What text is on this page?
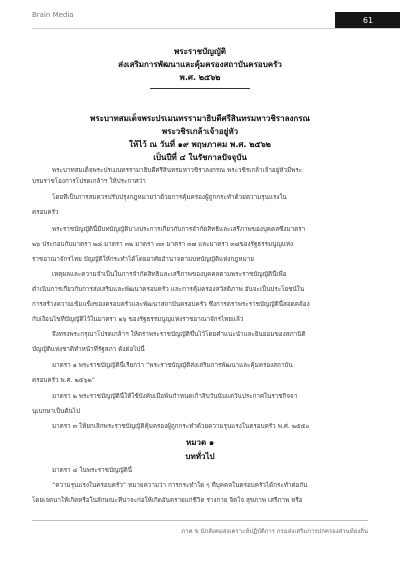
Brain Media
61
พระราชบัญญัติ
ส่งเสริมการพัฒนาและคุ้มครองสถาบันครอบครัว
พ.ศ. ๒๕๖๒
พระบาทสมเด็จพระปรเมนทรรามาธิบดีศรีสินทรมหาวชิราลงกรณ
พระวชิรเกล้าเจ้าอยู่หัว
ให้ไว้ ณ วันที่ ๑๙ พฤษภาคม พ.ศ. ๒๕๖๒
เป็นปีที่ ๔ ในรัชกาลปัจจุบัน
พระบาทสมเด็จพระปรเมนทรรามาธิบดีศรีสินทรมหาวชิราลงกรณ พระวชิรเกล้าเจ้าอยู่หัวมีพระ
บรมราชโองการโปรดเกล้าฯ ให้ประกาศว่า
โดยที่เป็นการสมควรปรับปรุงกฎหมายว่าด้วยการคุ้มครองผู้ถูกกระทำด้วยความรุนแรงใน
ครอบครัว
พระราชบัญญัตินี้มีบทบัญญัติบางประการเกี่ยวกับการจำกัดสิทธิและเสรีภาพของบุคคลซึ่งมาตรา
๒๖ ประกอบกับมาตรา ๒๘ มาตรา ๓๒ มาตรา ๓๓ มาตรา ๓๗ และมาตรา ๓๘ของรัฐธรรมนูญแห่ง
ราชอาณาจักรไทย บัญญัติให้กระทำได้โดยอาศัยอำนาจตามบทบัญญัติแห่งกฎหมาย
เหตุผลและความจำเป็นในการจำกัดสิทธิและเสรีภาพของบุคคลตามพระราชบัญญัตินี้เพื่อ
ดำเนินการเกี่ยวกับการส่งเสริมและพัฒนาครอบครัว และการคุ้มครองสวัสดิภาพ อันจะเป็นประโยชน์ใน
การสร้างความเข้มแข็งของครอบครัวและพัฒนาสถาบันครอบครัว ซึ่งการตราพระราชบัญญัตินี้สอดคล้อง
กับเงื่อนไขที่บัญญัติไว้ในมาตรา ๒๖ ของรัฐธรรมนูญแห่งราชอาณาจักรไทยแล้ว
จึงทรงพระกรุณาโปรดเกล้าฯ ให้ตราพระราชบัญญัติขึ้นไว้โดยคำแนะนำและยินยอมของสภานิติ
บัญญัติแห่งชาติทำหน้าที่รัฐสภา ดังต่อไปนี้
มาตรา ๑ พระราชบัญญัตินี้เรียกว่า “พระราชบัญญัติส่งเสริมการพัฒนาและคุ้มครองสถาบัน
ครอบครัว พ.ศ. ๒๕๖๒”
มาตรา ๒ พระราชบัญญัตินี้ให้ใช้บังคับเมื่อพ้นกำหนดเก้าสิบวันนับแต่วันประกาศในราชกิจจา
นุเบกษาเป็นต้นไป
มาตรา ๓ ให้ยกเลิกพระราชบัญญัติคุ้มครองผู้ถูกกระทำด้วยความรุนแรงในครอบครัว พ.ศ. ๒๕๕๐
หมวด ๑
บททั่วไป
มาตรา ๔ ในพระราชบัญญัตินี้
“ความรุนแรงในครอบครัว” หมายความว่า การกระทำใด ๆ ที่บุคคลในครอบครัวได้กระทำต่อกัน
โดยเจตนาให้เกิดหรือในลักษณะที่น่าจะก่อให้เกิดอันตรายแก่ชีวิต ร่างกาย จิตใจ สุขภาพ เสรีภาพ หรือ
ภาค ข นักสังคมสงเคราะห์ปฏิบัติการ กรมส่งเสริมการปกครองส่วนท้องถิ่น
